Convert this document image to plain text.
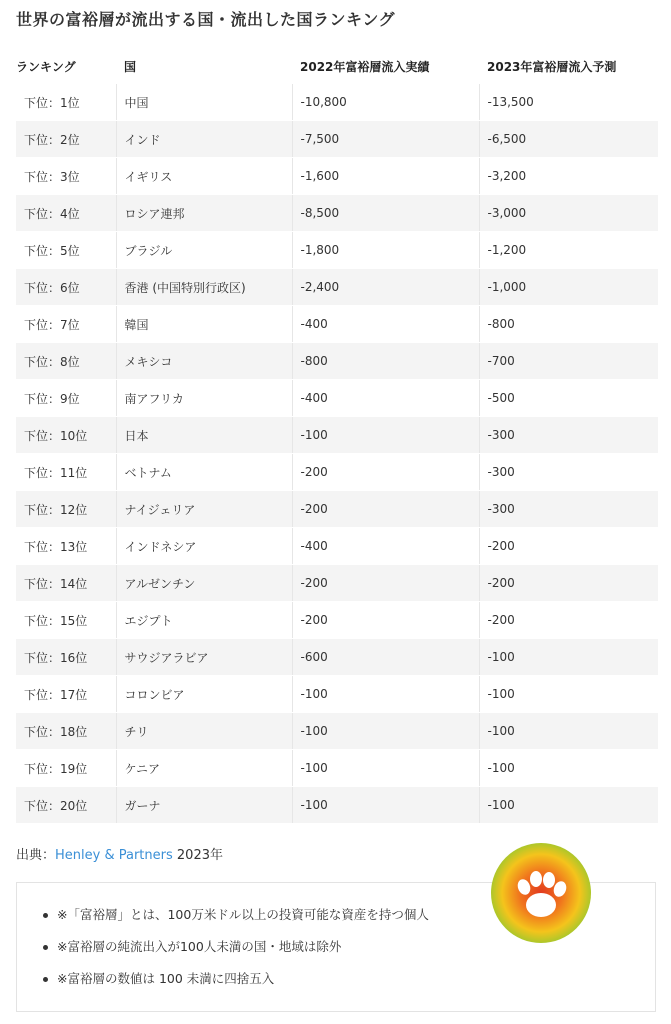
世界の富裕層が流出する国・流出した国ランキング
ランキング	国	2022年富裕層流入実績	2023年富裕層流入予測
下位：1位	中国	-10,800	-13,500
下位：2位	インド	-7,500	-6,500
下位：3位	イギリス	-1,600	-3,200
下位：4位	ロシア連邦	-8,500	-3,000
下位：5位	ブラジル	-1,800	-1,200
下位：6位	香港 (中国特別行政区)	-2,400	-1,000
下位：7位	韓国	-400	-800
下位：8位	メキシコ	-800	-700
下位：9位	南アフリカ	-400	-500
下位：10位	日本	-100	-300
下位：11位	ベトナム	-200	-300
下位：12位	ナイジェリア	-200	-300
下位：13位	インドネシア	-400	-200
下位：14位	アルゼンチン	-200	-200
下位：15位	エジプト	-200	-200
下位：16位	サウジアラビア	-600	-100
下位：17位	コロンビア	-100	-100
下位：18位	チリ	-100	-100
下位：19位	ケニア	-100	-100
下位：20位	ガーナ	-100	-100
出典：Henley & Partners 2023年
※「富裕層」とは、100万米ドル以上の投資可能な資産を持つ個人
※富裕層の純流出入が100人未満の国・地域は除外
※富裕層の数値は 100 未満に四捨五入
